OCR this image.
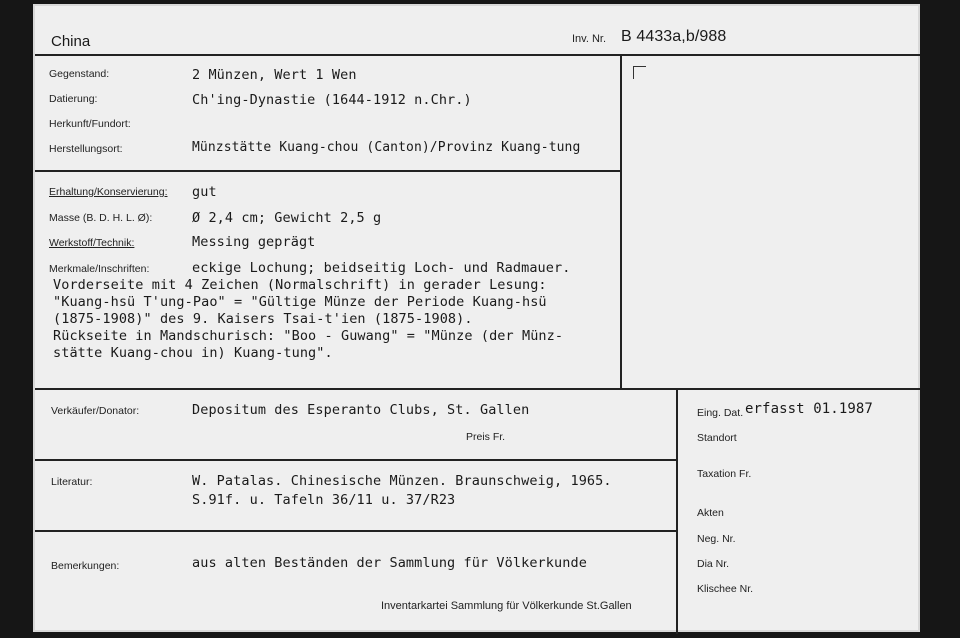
China	Inv. Nr. B 4433a,b/988
Gegenstand:	2 Münzen, Wert 1 Wen
Datierung:	Ch'ing-Dynastie (1644-1912 n.Chr.)
Herkunft/Fundort:
Herstellungsort:	Münzstätte Kuang-chou (Canton)/Provinz Kuang-tung
Erhaltung/Konservierung: gut
Masse (B. D. H. L. Ø):	Ø 2,4 cm; Gewicht 2,5 g
Werkstoff/Technik:	Messing geprägt
Merkmale/Inschriften:	eckige Lochung; beidseitig Loch- und Radmauer.
Vorderseite mit 4 Zeichen (Normalschrift) in gerader Lesung:
"Kuang-hsü T'ung-Pao" = "Gültige Münze der Periode Kuang-hsü
(1875-1908)" des 9. Kaisers Tsai-t'ien (1875-1908).
Rückseite in Mandschurisch: "Boo - Guwang" = "Münze (der Münz-
stätte Kuang-chou in) Kuang-tung".
Verkäufer/Donator:	Depositum des Esperanto Clubs, St. Gallen
Preis Fr.
Literatur:	W. Patalas. Chinesische Münzen. Braunschweig, 1965.
S.91f. u. Tafeln 36/11 u. 37/R23
Bemerkungen:	aus alten Beständen der Sammlung für Völkerkunde
Inventarkartei Sammlung für Völkerkunde St.Gallen
Eing. Dat. erfasst 01.1987
Standort
Taxation Fr.
Akten
Neg. Nr.
Dia Nr.
Klischee Nr.
